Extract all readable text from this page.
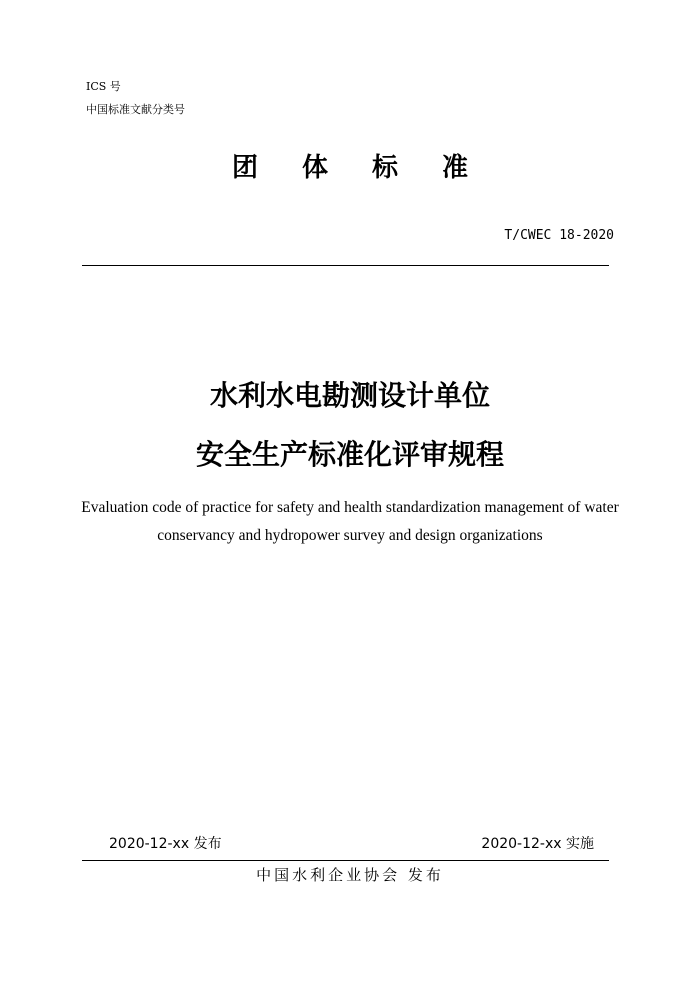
ICS 号
中国标准文献分类号
团 体 标 准
T/CWEC 18-2020
水利水电勘测设计单位
安全生产标准化评审规程
Evaluation code of practice for safety and health standardization management of water conservancy and hydropower survey and design organizations
2020-12-xx 发布	2020-12-xx 实施
中国水利企业协会 发布
